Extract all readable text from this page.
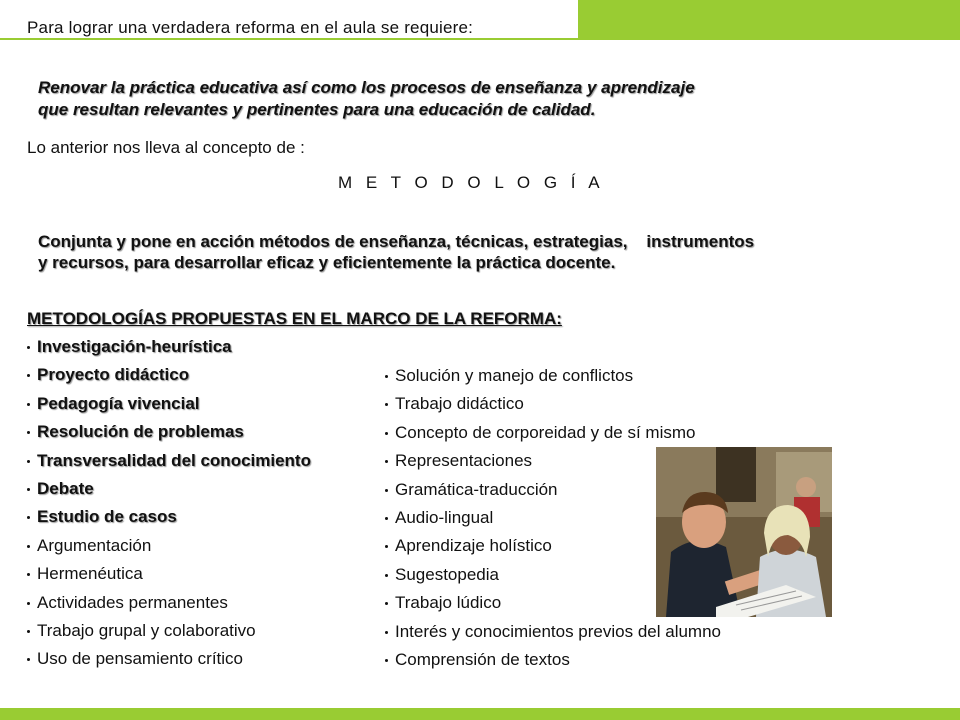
Para lograr una verdadera reforma en el aula se requiere:
Renovar la práctica educativa así como los procesos de enseñanza y aprendizaje
que resultan relevantes y pertinentes para una educación de calidad.
Lo anterior nos lleva al concepto de :
M E T O D O L O G Í A
Conjunta y pone en acción métodos de enseñanza, técnicas, estrategias,    instrumentos
y recursos, para desarrollar eficaz y eficientemente la práctica docente.
METODOLOGÍAS PROPUESTAS EN EL MARCO DE LA REFORMA:
Investigación-heurística
Proyecto didáctico
Pedagogía vivencial
Resolución de problemas
Transversalidad del conocimiento
Debate
Estudio de casos
Argumentación
Hermenéutica
Actividades permanentes
Trabajo grupal y colaborativo
Uso de pensamiento crítico
Solución y manejo de conflictos
Trabajo didáctico
Concepto de corporeidad y de sí mismo
Representaciones
Gramática-traducción
Audio-lingual
Aprendizaje holístico
Sugestopedia
Trabajo lúdico
Interés y conocimientos previos del alumno
Comprensión de textos
